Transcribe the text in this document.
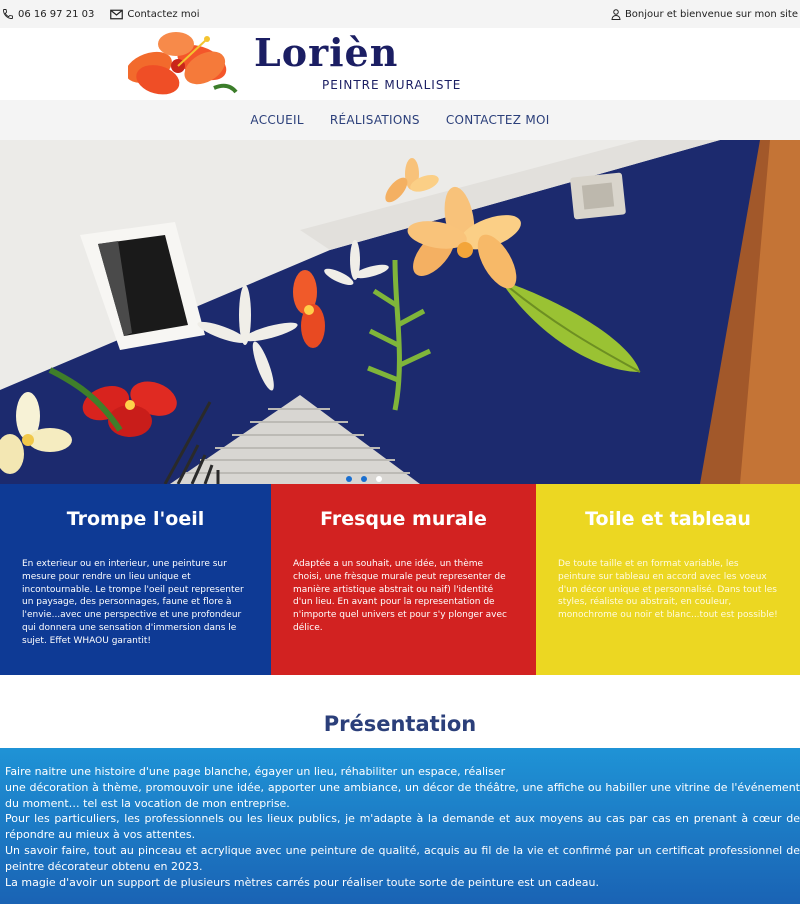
06 16 97 21 03	Contactez moi	Bonjour et bienvenue sur mon site
Lorièn
PEINTRE MURALISTE
ACCUEIL RÉALISATIONS CONTACTEZ MOI
Trompe l'oeil

En exterieur ou en interieur, une peinture sur mesure pour rendre un lieu unique et incontournable. Le trompe l'oeil peut representer un paysage, des personnages, faune et flore à l'envie...avec une perspective et une profondeur qui donnera une sensation d'immersion dans le sujet. Effet WHAOU garantit!

Fresque murale

Adaptée a un souhait, une idée, un thème choisi, une frèsque murale peut representer de manière artistique abstrait ou naif) l'identité d'un lieu. En avant pour la representation de n'importe quel univers et pour s'y plonger avec délice.

Toile et tableau

De toute taille et en format variable, les peinture sur tableau en accord avec les voeux d'un décor unique et personnalisé. Dans tout les styles, réaliste ou abstrait, en couleur, monochrome ou noir et blanc...tout est possible!

Présentation

Faire naitre une histoire d'une page blanche, égayer un lieu, réhabiliter un espace, réaliser
une décoration à thème, promouvoir une idée, apporter une ambiance, un décor de théâtre, une affiche ou habiller une vitrine de l'événement du moment… tel est la vocation de mon entreprise.
Pour les particuliers, les professionnels ou les lieux publics, je m'adapte à la demande et aux moyens au cas par cas en prenant à cœur de répondre au mieux à vos attentes.
Un savoir faire, tout au pinceau et acrylique avec une peinture de qualité, acquis au fil de la vie et confirmé par un certificat professionnel de peintre décorateur obtenu en 2023.
La magie d'avoir un support de plusieurs mètres carrés pour réaliser toute sorte de peinture est un cadeau.
